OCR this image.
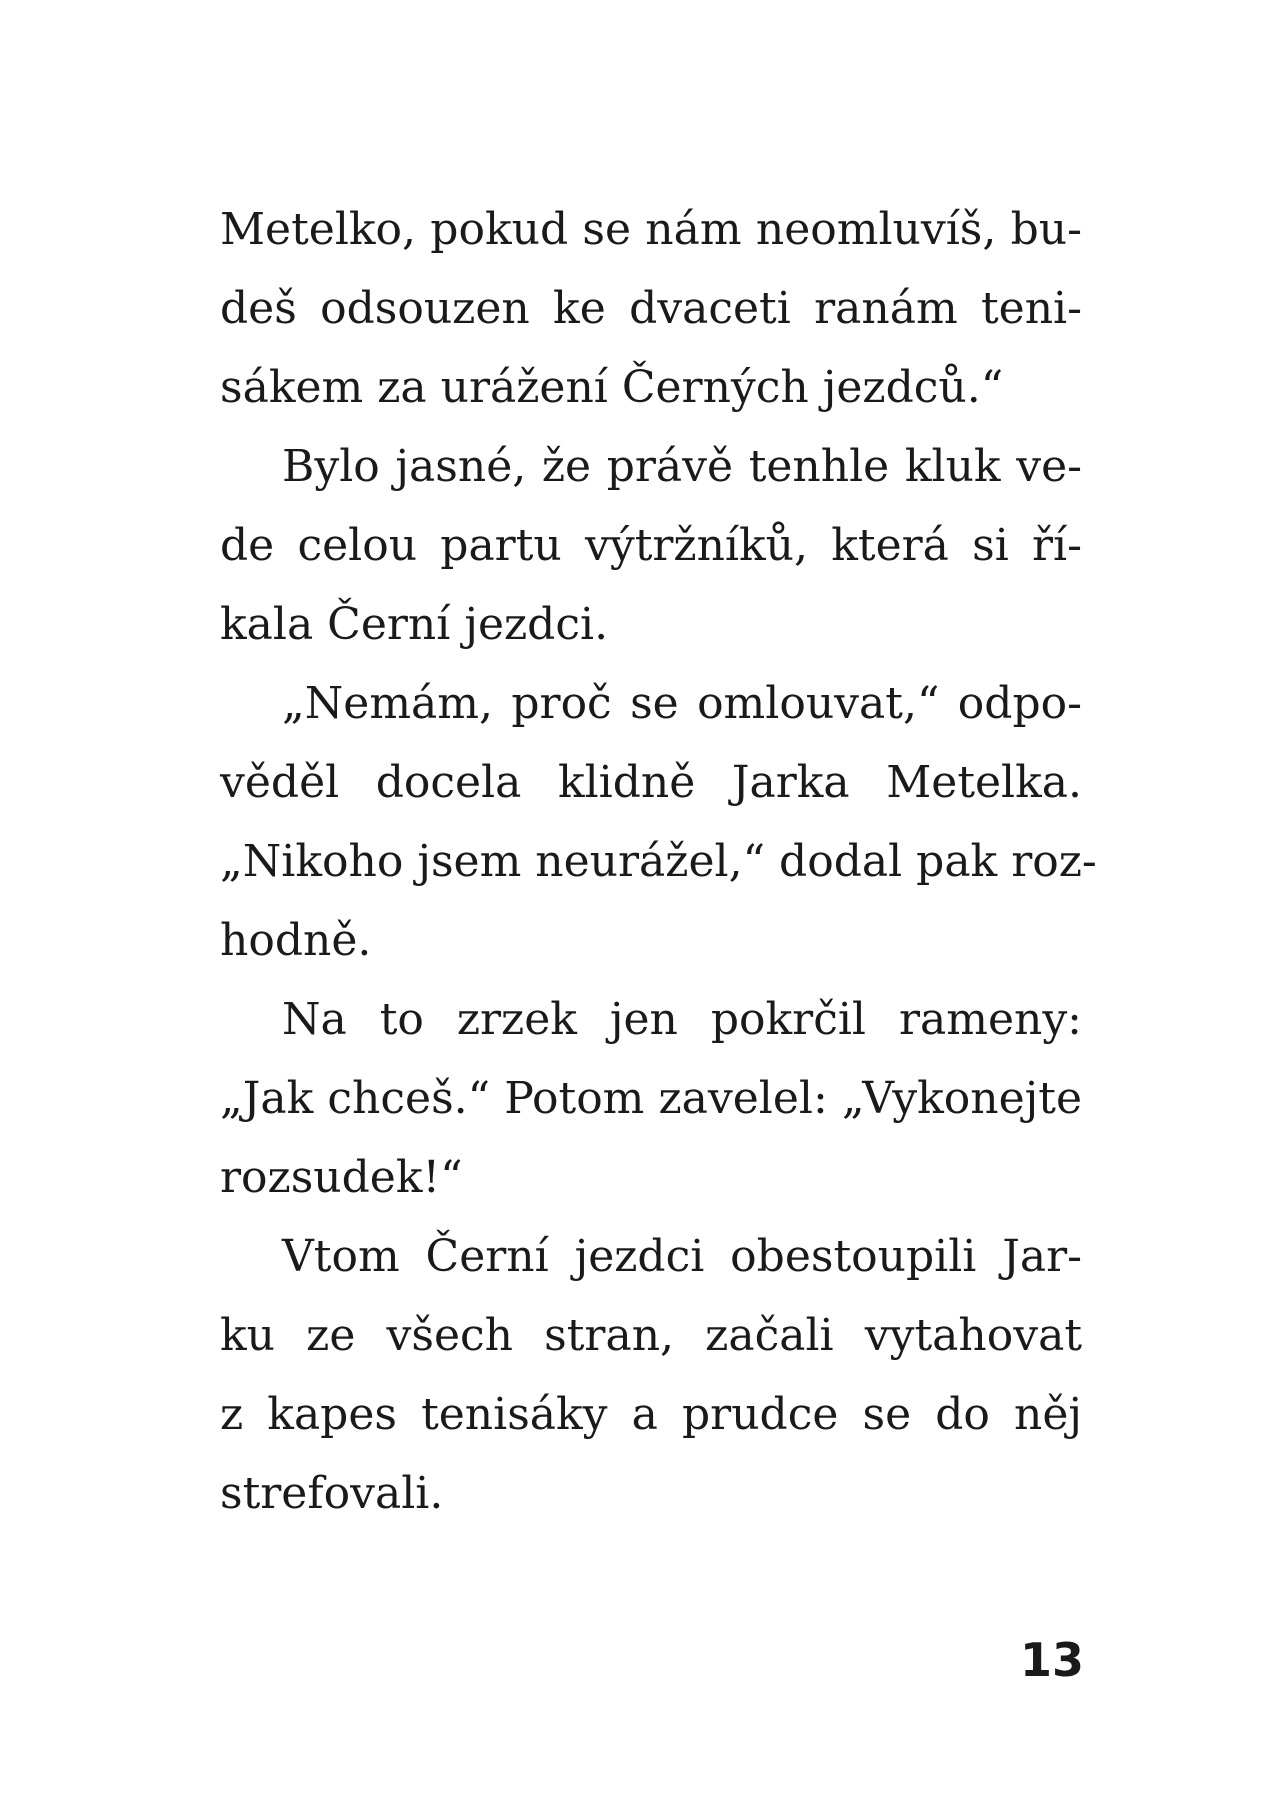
Metelko, pokud se nám neomluvíš, bu-
deš odsouzen ke dvaceti ranám teni-
sákem za urážení Černých jezdců.“
Bylo jasné, že právě tenhle kluk ve-
de celou partu výtržníků, která si ří-
kala Černí jezdci.
„Nemám, proč se omlouvat,“ odpo-
věděl docela klidně Jarka Metelka.
„Nikoho jsem neurážel,“ dodal pak roz-
hodně.
Na to zrzek jen pokrčil rameny:
„Jak chceš.“ Potom zavelel: „Vykonejte
rozsudek!“
Vtom Černí jezdci obestoupili Jar-
ku ze všech stran, začali vytahovat
z kapes tenisáky a prudce se do něj
strefovali.
13
